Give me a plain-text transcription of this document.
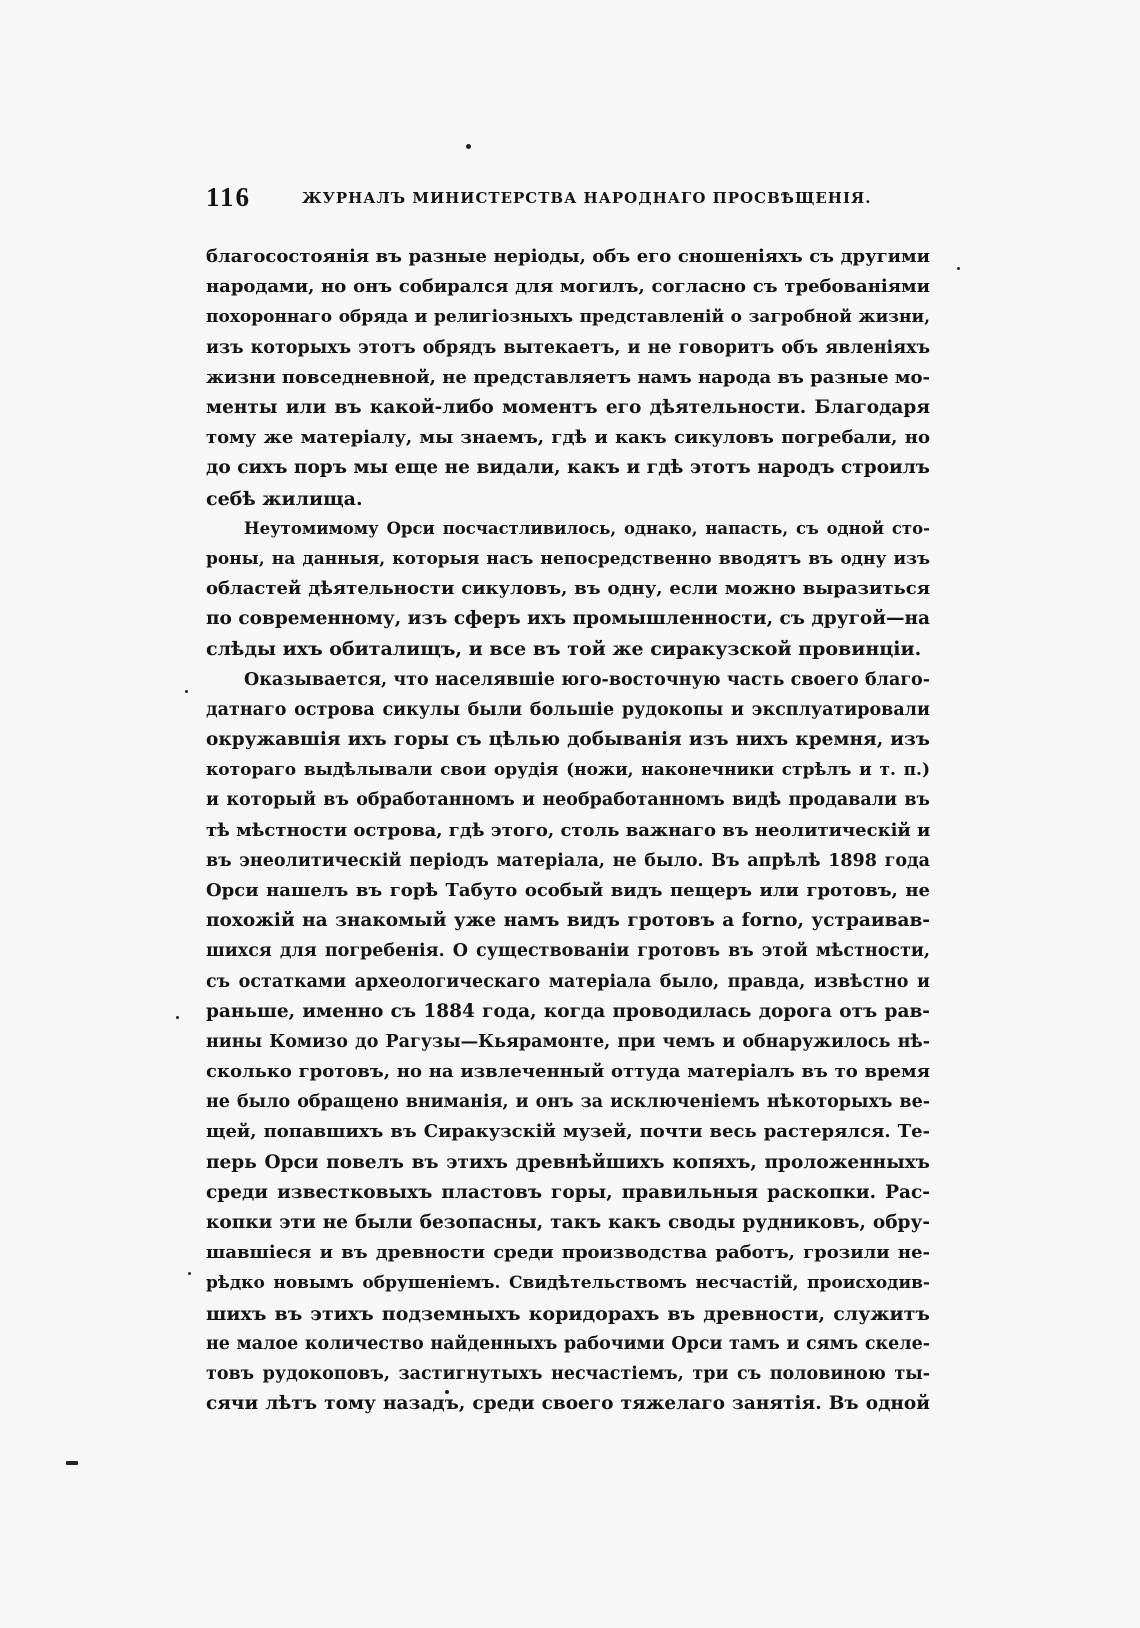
116	ЖУРНАЛЪ МИНИСТЕРСТВА НАРОДНАГО ПРОСВѢЩЕНІЯ.
благосостоянія въ разные неріоды, объ его сношеніяхъ съ другими
народами, но онъ собирался для могилъ, согласно съ требованіями
похороннаго обряда и религіозныхъ представленій о загробной жизни,
изъ которыхъ этотъ обрядъ вытекаетъ, и не говоритъ объ явленіяхъ
жизни повседневной, не представляетъ намъ народа въ разные мо-
менты или въ какой-либо моментъ его дѣятельности. Благодаря
тому же матеріалу, мы знаемъ, гдѣ и какъ сикуловъ погребали, но
до сихъ поръ мы еще не видали, какъ и гдѣ этотъ народъ строилъ
себѣ жилища.
Неутомимому Орси посчастливилось, однако, напасть, съ одной сто-
роны, на данныя, которыя насъ непосредственно вводятъ въ одну изъ
областей дѣятельности сикуловъ, въ одну, если можно выразиться
по современному, изъ сферъ ихъ промышленности, съ другой—на
слѣды ихъ обиталищъ, и все въ той же сиракузской провинціи.
Оказывается, что населявшіе юго-восточную часть своего благо-
датнаго острова сикулы были большіе рудокопы и эксплуатировали
окружавшія ихъ горы съ цѣлью добыванія изъ нихъ кремня, изъ
котораго выдѣлывали свои орудія (ножи, наконечники стрѣлъ и т. п.)
и который въ обработанномъ и необработанномъ видѣ продавали въ
тѣ мѣстности острова, гдѣ этого, столь важнаго въ неолитическій и
въ энеолитическій періодъ матеріала, не было. Въ апрѣлѣ 1898 года
Орси нашелъ въ горѣ Табуто особый видъ пещеръ или гротовъ, не
похожій на знакомый уже намъ видъ гротовъ a forno, устраивав-
шихся для погребенія. О существованіи гротовъ въ этой мѣстности,
съ остатками археологическаго матеріала было, правда, извѣстно и
раньше, именно съ 1884 года, когда проводилась дорога отъ рав-
нины Комизо до Рагузы—Кьярамонте, при чемъ и обнаружилось нѣ-
сколько гротовъ, но на извлеченный оттуда матеріалъ въ то время
не было обращено вниманія, и онъ за исключеніемъ нѣкоторыхъ ве-
щей, попавшихъ въ Сиракузскій музей, почти весь растерялся. Те-
перь Орси повелъ въ этихъ древнѣйшихъ копяхъ, проложенныхъ
среди известковыхъ пластовъ горы, правильныя раскопки. Рас-
копки эти не были безопасны, такъ какъ своды рудниковъ, обру-
шавшіеся и въ древности среди производства работъ, грозили не-
рѣдко новымъ обрушеніемъ. Свидѣтельствомъ несчастій, происходив-
шихъ въ этихъ подземныхъ коридорахъ въ древности, служитъ
не малое количество найденныхъ рабочими Орси тамъ и сямъ скеле-
товъ рудокоповъ, застигнутыхъ несчастіемъ, три съ половиною ты-
сячи лѣтъ тому назадъ, среди своего тяжелаго занятія. Въ одной
